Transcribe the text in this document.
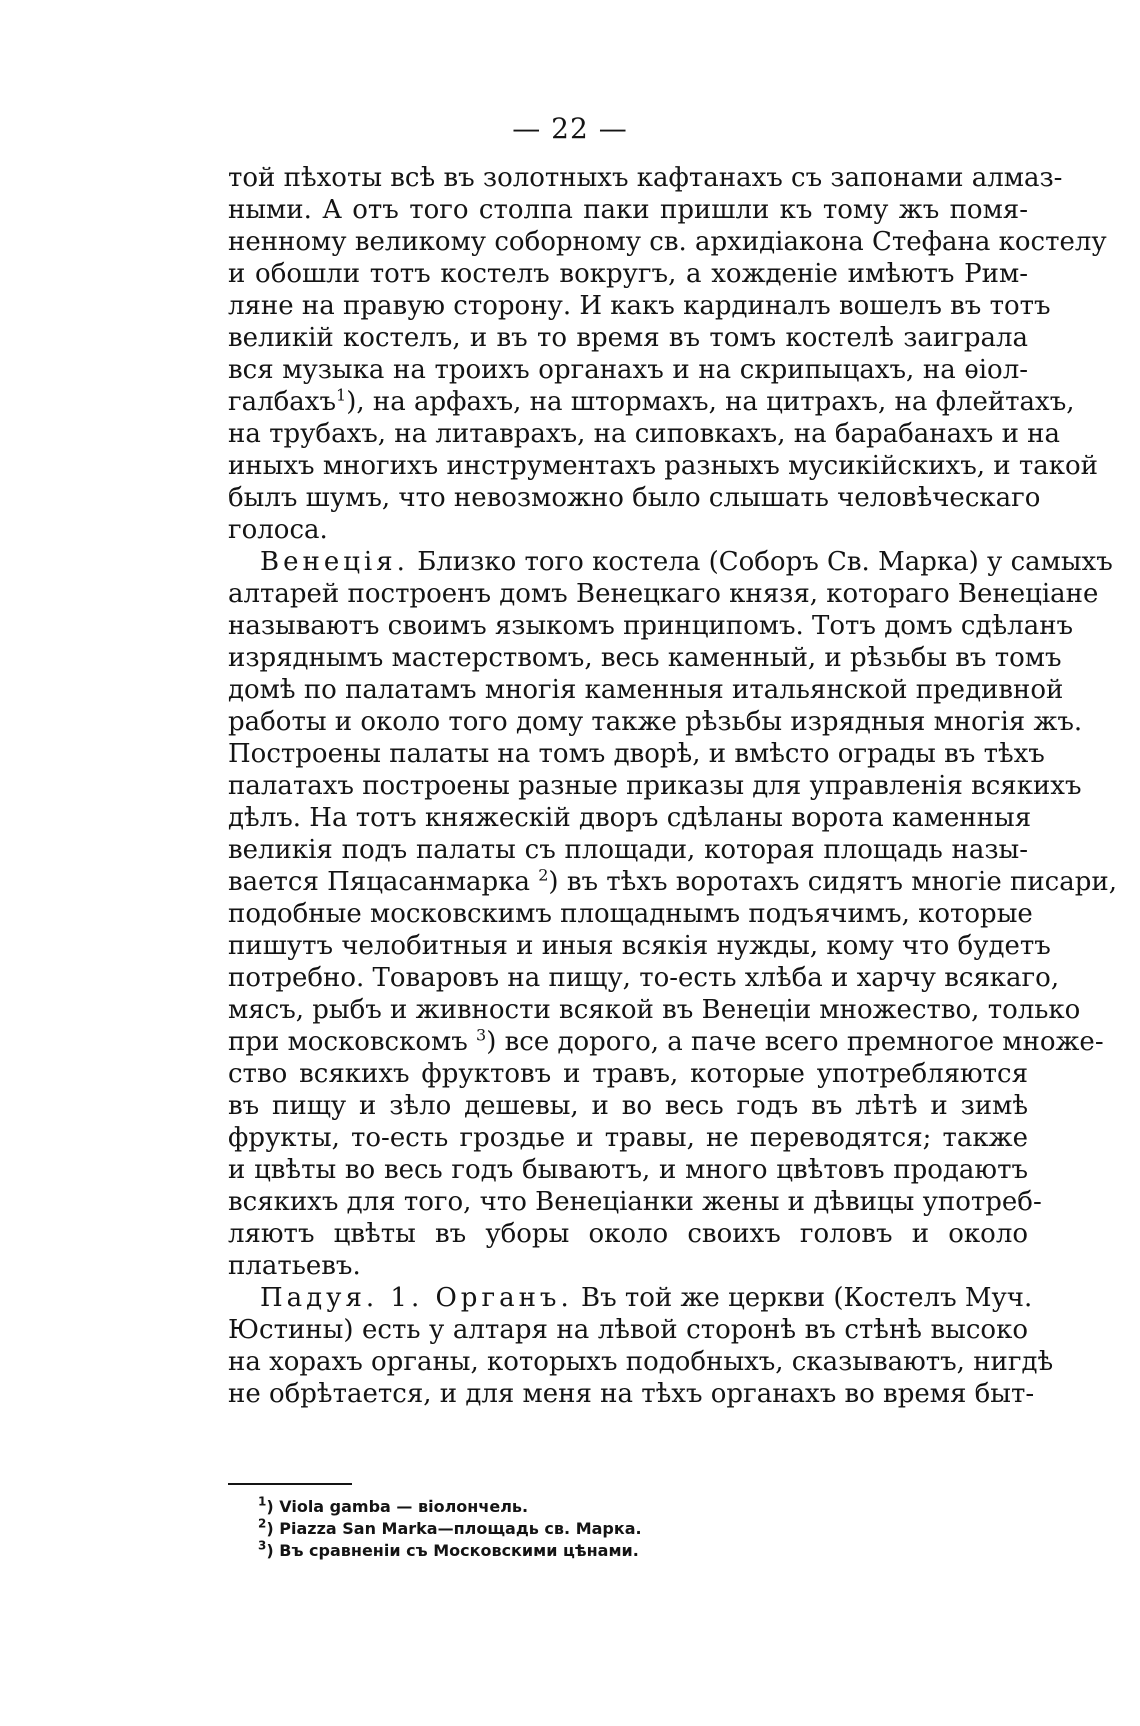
— 22 —
той пѣхоты всѣ въ золотныхъ кафтанахъ съ запонами алмаз-
ными. А отъ того столпа паки пришли къ тому жъ помя-
ненному великому соборному св. архидіакона Стефана костелу
и обошли тотъ костелъ вокругъ, а хожденіе имѣютъ Рим-
ляне на правую сторону. И какъ кардиналъ вошелъ въ тотъ
великій костелъ, и въ то время въ томъ костелѣ заиграла
вся музыка на троихъ органахъ и на скрипыцахъ, на ѳіол-
галбахъ$^1$), на арфахъ, на штормахъ, на цитрахъ, на флейтахъ,
на трубахъ, на литаврахъ, на сиповкахъ, на барабанахъ и на
иныхъ многихъ инструментахъ разныхъ мусикійскихъ, и такой
былъ шумъ, что невозможно было слышать человѣческаго
голоса.
Венеція. Близко того костела (Соборъ Св. Марка) у самыхъ
алтарей построенъ домъ Венецкаго князя, котораго Венеціане
называютъ своимъ языкомъ принципомъ. Тотъ домъ сдѣланъ
изряднымъ мастерствомъ, весь каменный, и рѣзьбы въ томъ
домѣ по палатамъ многія каменныя итальянской предивной
работы и около того дому также рѣзьбы изрядныя многія жъ.
Построены палаты на томъ дворѣ, и вмѣсто ограды въ тѣхъ
палатахъ построены разные приказы для управленія всякихъ
дѣлъ. На тотъ княжескій дворъ сдѣланы ворота каменныя
великія подъ палаты съ площади, которая площадь назы-
вается Пяцасанмарка $^2$) въ тѣхъ воротахъ сидятъ многіе писари,
подобные московскимъ площаднымъ подъячимъ, которые
пишутъ челобитныя и иныя всякія нужды, кому что будетъ
потребно. Товаровъ на пищу, то-есть хлѣба и харчу всякаго,
мясъ, рыбъ и живности всякой въ Венеціи множество, только
при московскомъ $^3$) все дорого, а паче всего премногое множе-
ство всякихъ фруктовъ и травъ, которые употребляются
въ пищу и зѣло дешевы, и во весь годъ въ лѣтѣ и зимѣ
фрукты, то-есть гроздье и травы, не переводятся; также
и цвѣты во весь годъ бываютъ, и много цвѣтовъ продаютъ
всякихъ для того, что Венеціанки жены и дѣвицы употреб-
ляютъ цвѣты въ уборы около своихъ головъ и около
платьевъ.
Падуя. 1. Органъ. Въ той же церкви (Костелъ Муч.
Юстины) есть у алтаря на лѣвой сторонѣ въ стѣнѣ высоко
на хорахъ органы, которыхъ подобныхъ, сказываютъ, нигдѣ
не обрѣтается, и для меня на тѣхъ органахъ во время быт-
$^1$) Viola gamba — віолончель.
$^2$) Piazza San Marka—площадь св. Марка.
$^3$) Въ сравненіи съ Московскими цѣнами.
